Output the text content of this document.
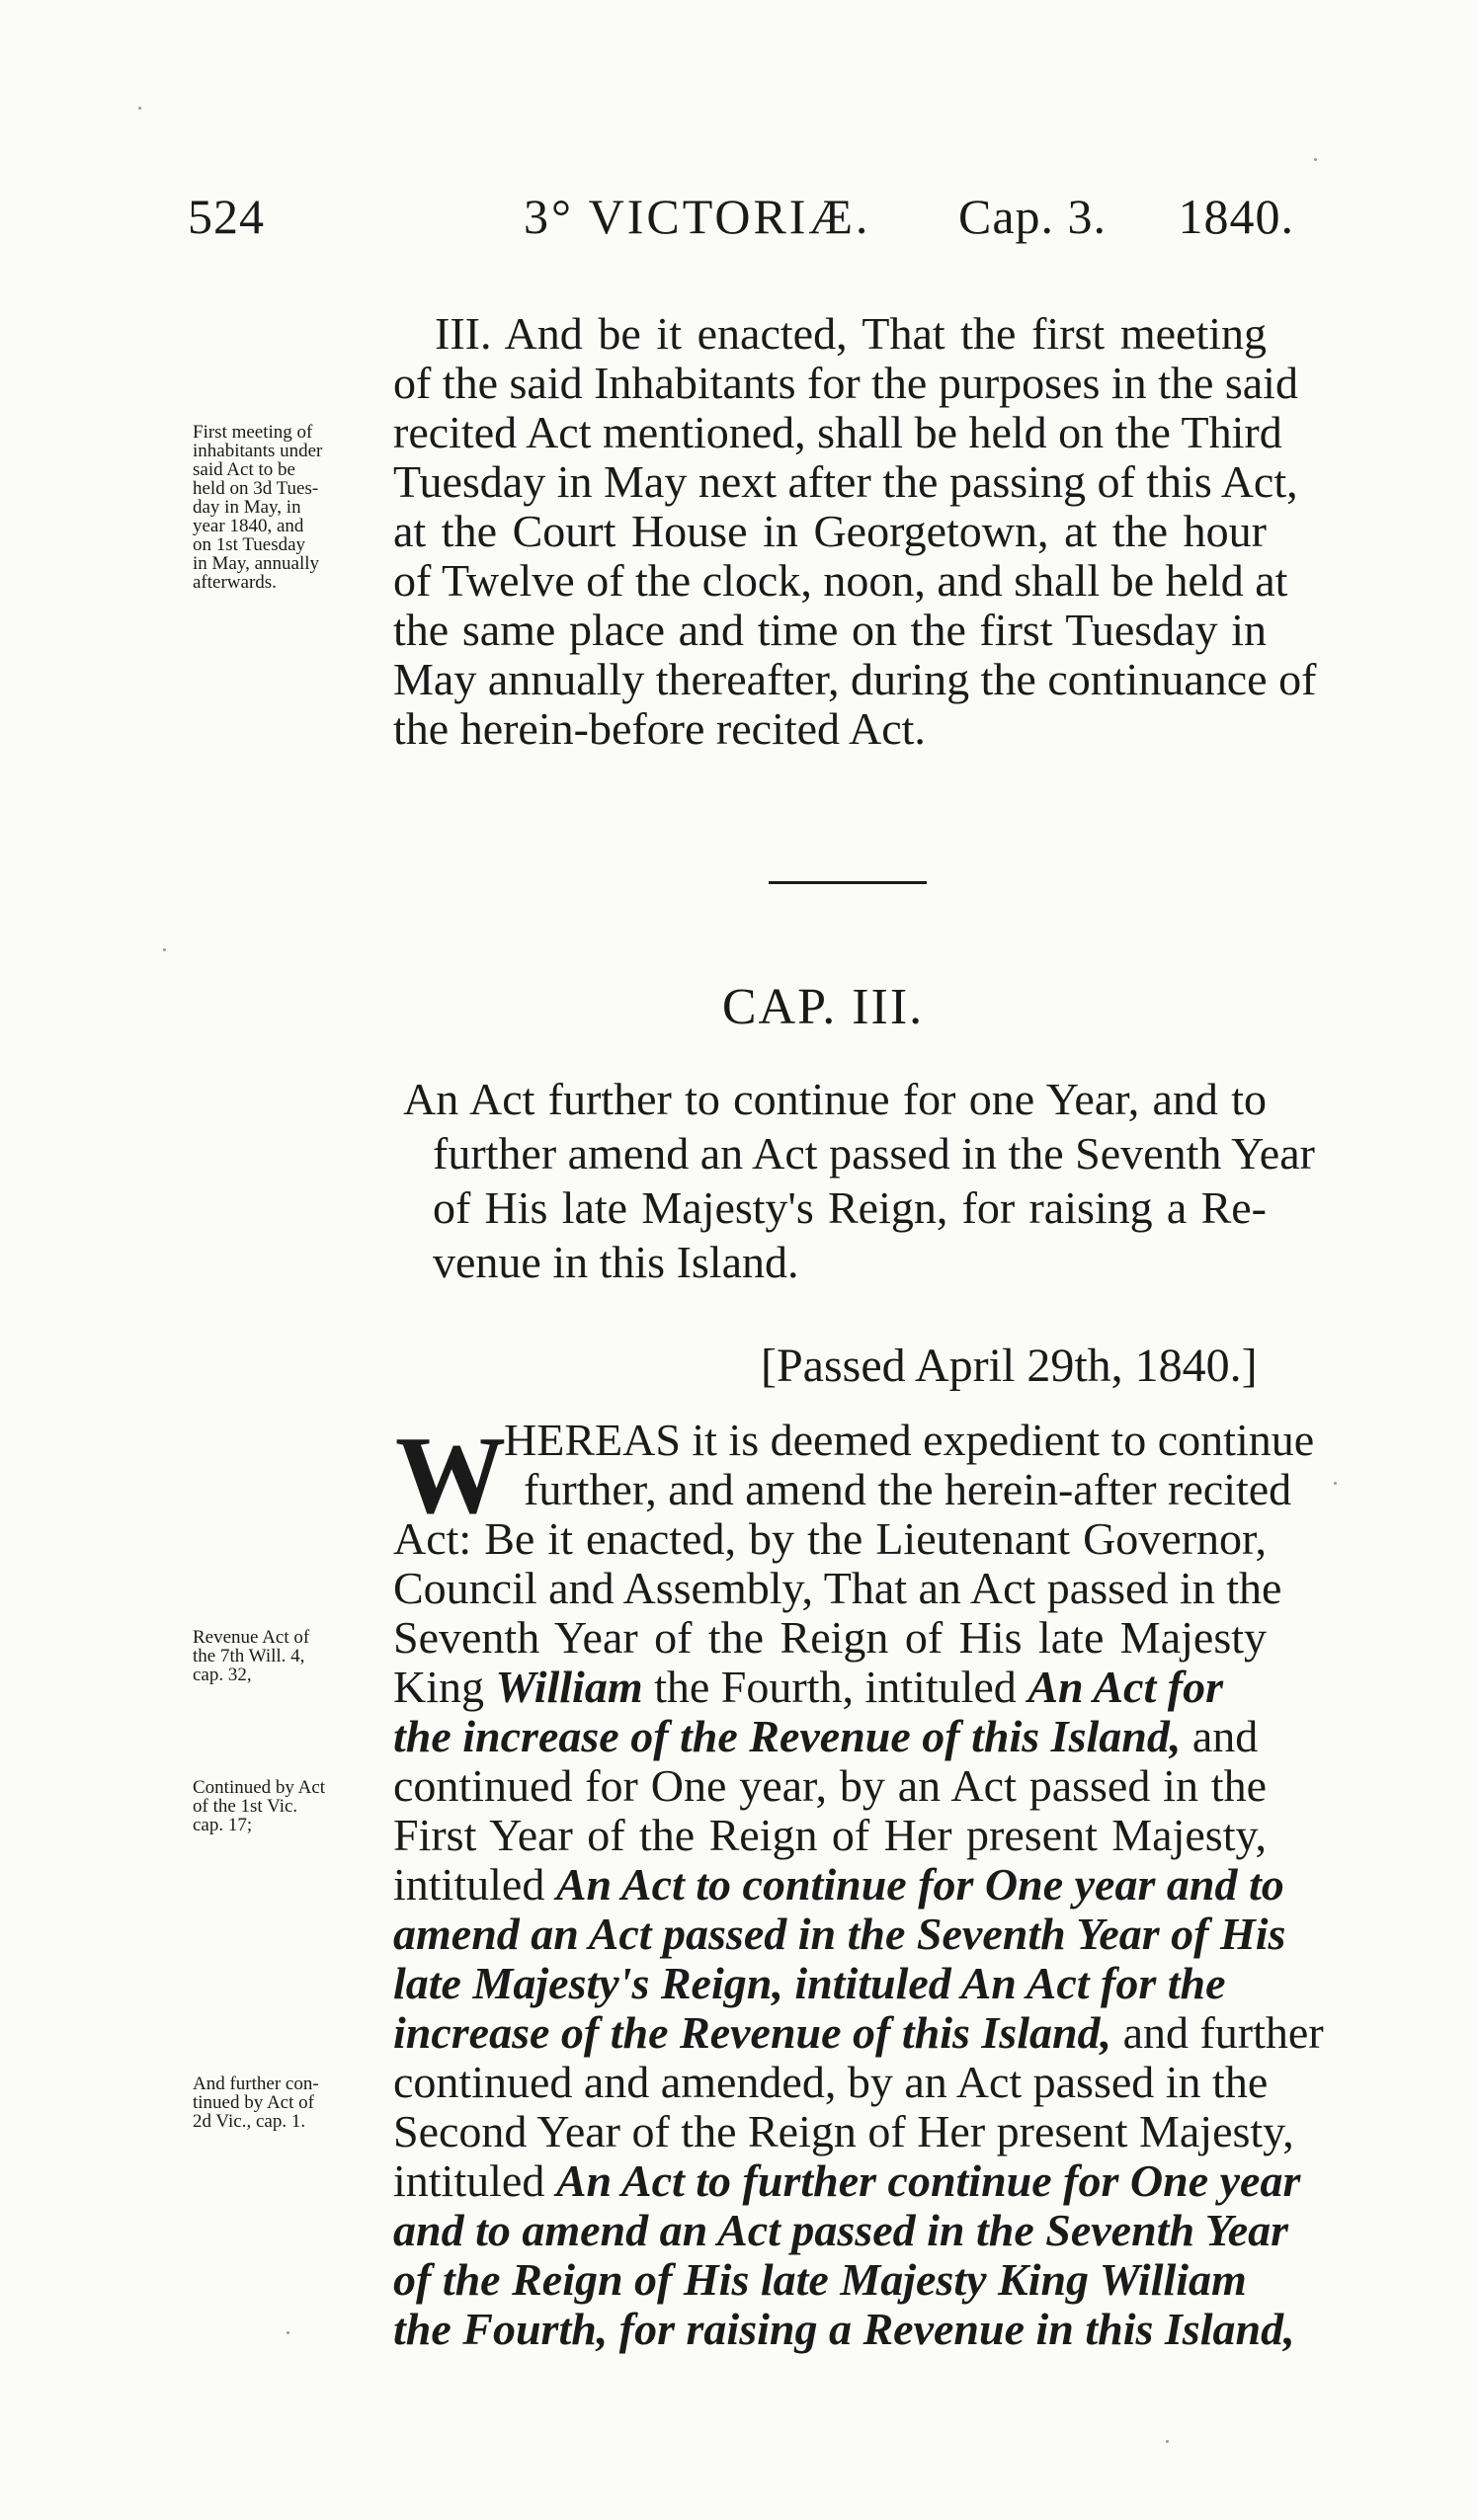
524	3° VICTORIÆ. Cap. 3. 1840.
III. And be it enacted, That the first meeting
of the said Inhabitants for the purposes in the said
recited Act mentioned, shall be held on the Third
Tuesday in May next after the passing of this Act,
at the Court House in Georgetown, at the hour
of Twelve of the clock, noon, and shall be held at
the same place and time on the first Tuesday in
May annually thereafter, during the continuance of
the herein-before recited Act.
First meeting of
inhabitants under
said Act to be
held on 3d Tues-
day in May, in
year 1840, and
on 1st Tuesday
in May, annually
afterwards.
CAP. III.
An Act further to continue for one Year, and to
further amend an Act passed in the Seventh Year
of His late Majesty's Reign, for raising a Re-
venue in this Island.
[Passed April 29th, 1840.]
W
HEREAS it is deemed expedient to continue
further, and amend the herein-after recited
Act: Be it enacted, by the Lieutenant Governor,
Council and Assembly, That an Act passed in the
Seventh Year of the Reign of His late Majesty
King William the Fourth, intituled An Act for
the increase of the Revenue of this Island, and
continued for One year, by an Act passed in the
First Year of the Reign of Her present Majesty,
intituled An Act to continue for One year and to
amend an Act passed in the Seventh Year of His
late Majesty's Reign, intituled An Act for the
increase of the Revenue of this Island, and further
continued and amended, by an Act passed in the
Second Year of the Reign of Her present Majesty,
intituled An Act to further continue for One year
and to amend an Act passed in the Seventh Year
of the Reign of His late Majesty King William
the Fourth, for raising a Revenue in this Island,
Revenue Act of
the 7th Will. 4,
cap. 32,
Continued by Act
of the 1st Vic.
cap. 17;
And further con-
tinued by Act of
2d Vic., cap. 1.
